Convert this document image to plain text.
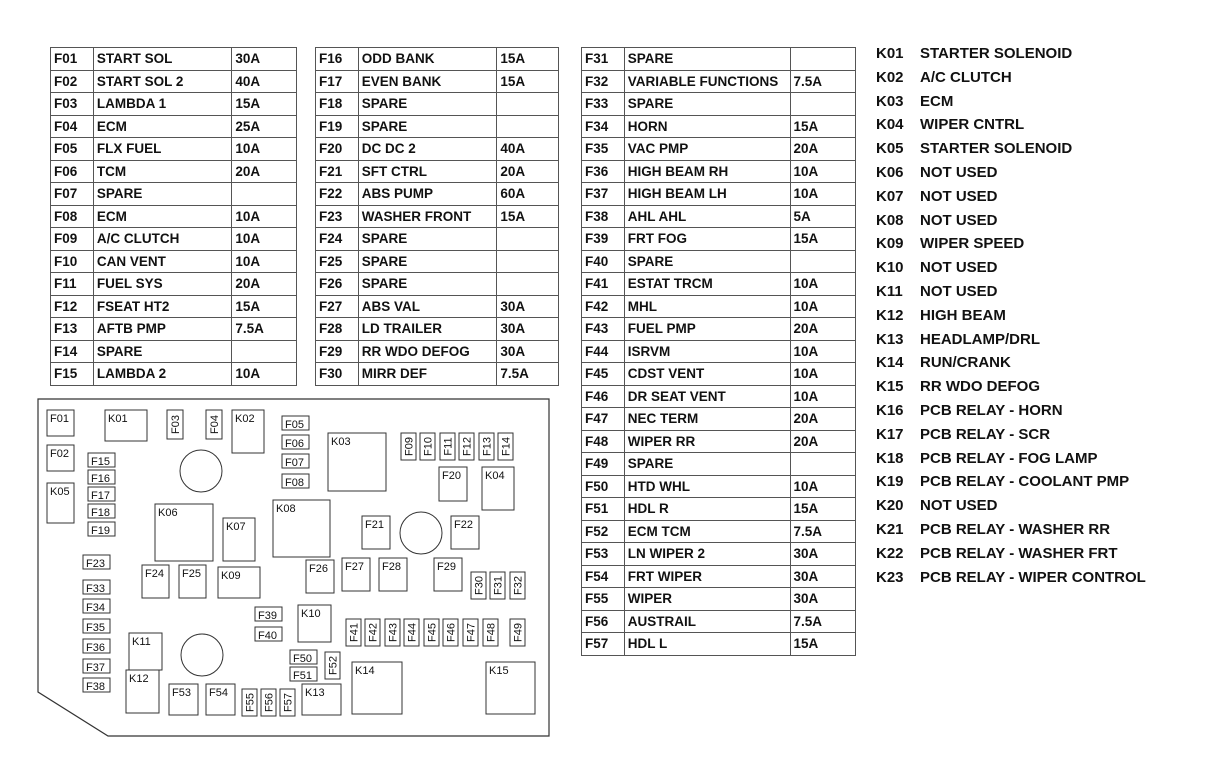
F01	START SOL	30A
F02	START SOL 2	40A
F03	LAMBDA 1	15A
F04	ECM	25A
F05	FLX FUEL	10A
F06	TCM	20A
F07	SPARE	
F08	ECM	10A
F09	A/C CLUTCH	10A
F10	CAN VENT	10A
F11	FUEL SYS	20A
F12	FSEAT HT2	15A
F13	AFTB PMP	7.5A
F14	SPARE	
F15	LAMBDA 2	10A
F16	ODD BANK	15A
F17	EVEN BANK	15A
F18	SPARE	
F19	SPARE	
F20	DC DC 2	40A
F21	SFT CTRL	20A
F22	ABS PUMP	60A
F23	WASHER FRONT	15A
F24	SPARE	
F25	SPARE	
F26	SPARE	
F27	ABS VAL	30A
F28	LD TRAILER	30A
F29	RR WDO DEFOG	30A
F30	MIRR DEF	7.5A
F31	SPARE	
F32	VARIABLE FUNCTIONS	7.5A
F33	SPARE	
F34	HORN	15A
F35	VAC PMP	20A
F36	HIGH BEAM RH	10A
F37	HIGH BEAM LH	10A
F38	AHL AHL	5A
F39	FRT FOG	15A
F40	SPARE	
F41	ESTAT TRCM	10A
F42	MHL	10A
F43	FUEL PMP	20A
F44	ISRVM	10A
F45	CDST VENT	10A
F46	DR SEAT VENT	10A
F47	NEC TERM	20A
F48	WIPER RR	20A
F49	SPARE	
F50	HTD WHL	10A
F51	HDL R	15A
F52	ECM TCM	7.5A
F53	LN WIPER 2	30A
F54	FRT WIPER	30A
F55	WIPER	30A
F56	AUSTRAIL	7.5A
F57	HDL L	15A
K01 STARTER SOLENOID
K02 A/C CLUTCH
K03 ECM
K04 WIPER CNTRL
K05 STARTER SOLENOID
K06 NOT USED
K07 NOT USED
K08 NOT USED
K09 WIPER SPEED
K10 NOT USED
K11 NOT USED
K12 HIGH BEAM
K13 HEADLAMP/DRL
K14 RUN/CRANK
K15 RR WDO DEFOG
K16 PCB RELAY - HORN
K17 PCB RELAY - SCR
K18 PCB RELAY - FOG LAMP
K19 PCB RELAY - COOLANT PMP
K20 NOT USED
K21 PCB RELAY - WASHER RR
K22 PCB RELAY - WASHER FRT
K23 PCB RELAY - WIPER CONTROL
F01
F02
F03 F04	F05
F06
F07
F08
F09 F10 F11 F12 F13 F14
F15
F16
F17
F18
F19
F20
F21	F22
F23
F24 F25	F26 F27 F28	F29
F30 F31 F32
F33
F34
F35
F36
F37
F38
F39
F40	F41 F42 F43 F44 F45 F46 F47 F48 F49
F50
F51
F52
F53 F54
F55 F56 F57
K01	K02
K03
K04
K05
K06
K07
K08
K09
K10
K11
K12
K13
K14	K15
